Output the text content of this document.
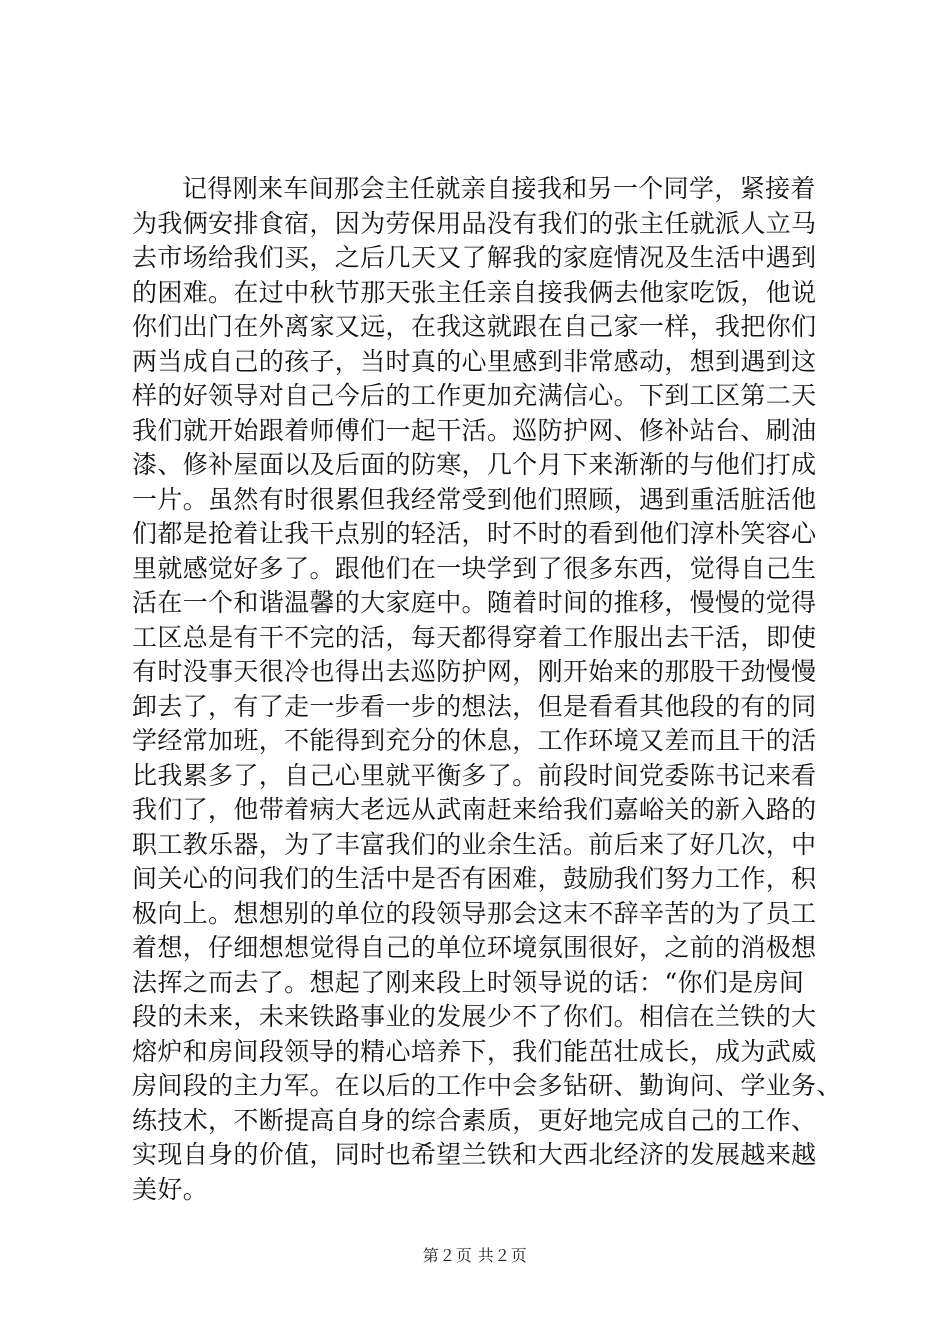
记得刚来车间那会主任就亲自接我和另一个同学，紧接着
为我俩安排食宿，因为劳保用品没有我们的张主任就派人立马
去市场给我们买，之后几天又了解我的家庭情况及生活中遇到
的困难。在过中秋节那天张主任亲自接我俩去他家吃饭，他说
你们出门在外离家又远，在我这就跟在自己家一样，我把你们
两当成自己的孩子，当时真的心里感到非常感动，想到遇到这
样的好领导对自己今后的工作更加充满信心。下到工区第二天
我们就开始跟着师傅们一起干活。巡防护网、修补站台、刷油
漆、修补屋面以及后面的防寒，几个月下来渐渐的与他们打成
一片。虽然有时很累但我经常受到他们照顾，遇到重活脏活他
们都是抢着让我干点别的轻活，时不时的看到他们淳朴笑容心
里就感觉好多了。跟他们在一块学到了很多东西，觉得自己生
活在一个和谐温馨的大家庭中。随着时间的推移，慢慢的觉得
工区总是有干不完的活，每天都得穿着工作服出去干活，即使
有时没事天很冷也得出去巡防护网，刚开始来的那股干劲慢慢
卸去了，有了走一步看一步的想法，但是看看其他段的有的同
学经常加班，不能得到充分的休息，工作环境又差而且干的活
比我累多了，自己心里就平衡多了。前段时间党委陈书记来看
我们了，他带着病大老远从武南赶来给我们嘉峪关的新入路的
职工教乐器，为了丰富我们的业余生活。前后来了好几次，中
间关心的问我们的生活中是否有困难，鼓励我们努力工作，积
极向上。想想别的单位的段领导那会这末不辞辛苦的为了员工
着想，仔细想想觉得自己的单位环境氛围很好，之前的消极想
法挥之而去了。想起了刚来段上时领导说的话：“你们是房间
段的未来，未来铁路事业的发展少不了你们。相信在兰铁的大
熔炉和房间段领导的精心培养下，我们能茁壮成长，成为武威
房间段的主力军。在以后的工作中会多钻研、勤询问、学业务、
练技术，不断提高自身的综合素质，更好地完成自己的工作、
实现自身的价值，同时也希望兰铁和大西北经济的发展越来越
美好。
第２页 共２页
